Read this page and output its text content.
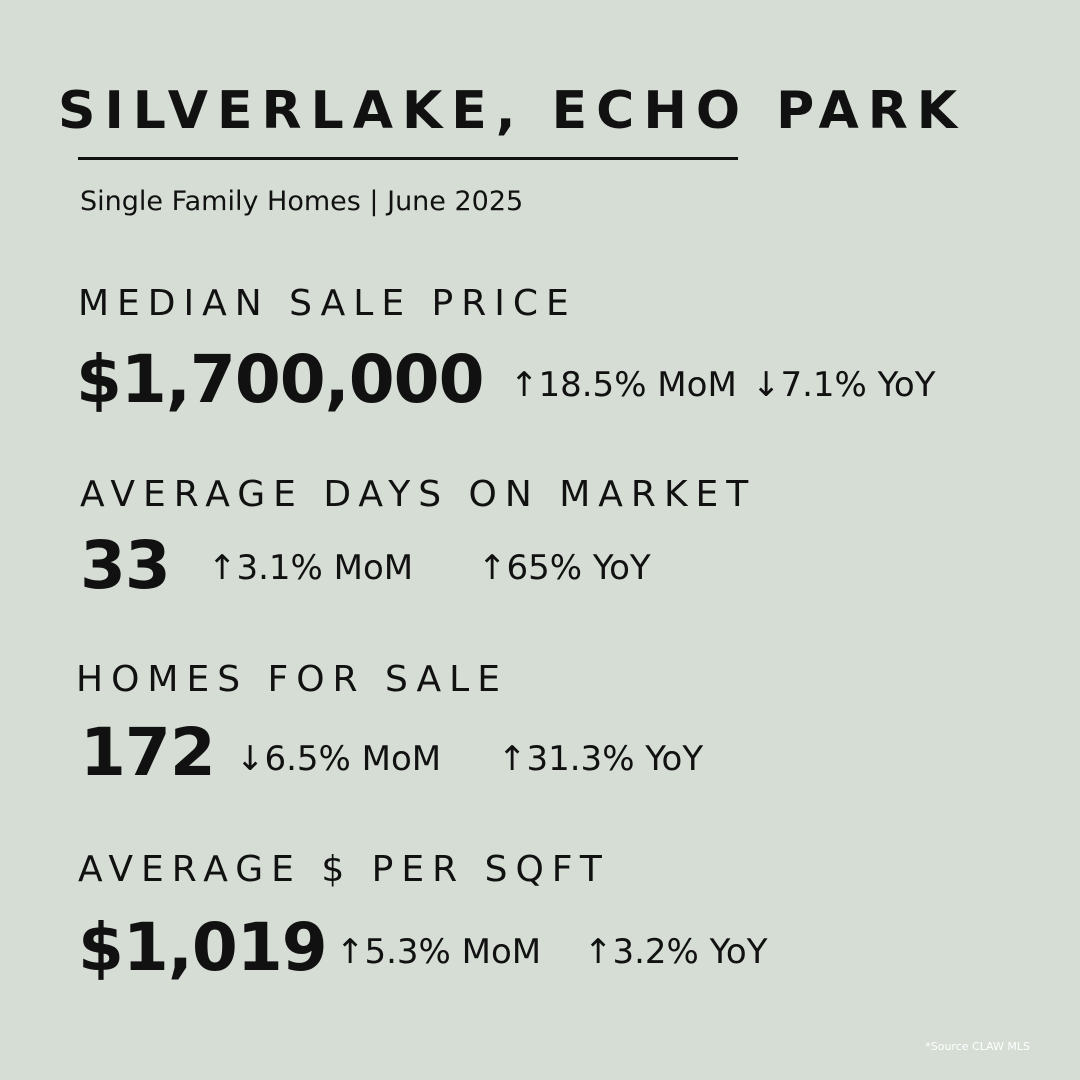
SILVERLAKE, ECHO PARK
Single Family Homes | June 2025
MEDIAN SALE PRICE
$1,700,000 ↑18.5% MoM ↓7.1% YoY
AVERAGE DAYS ON MARKET
33 ↑3.1% MoM ↑65% YoY
HOMES FOR SALE
172 ↓6.5% MoM ↑31.3% YoY
AVERAGE $ PER SQFT
$1,019 ↑5.3% MoM ↑3.2% YoY
*Source CLAW MLS
